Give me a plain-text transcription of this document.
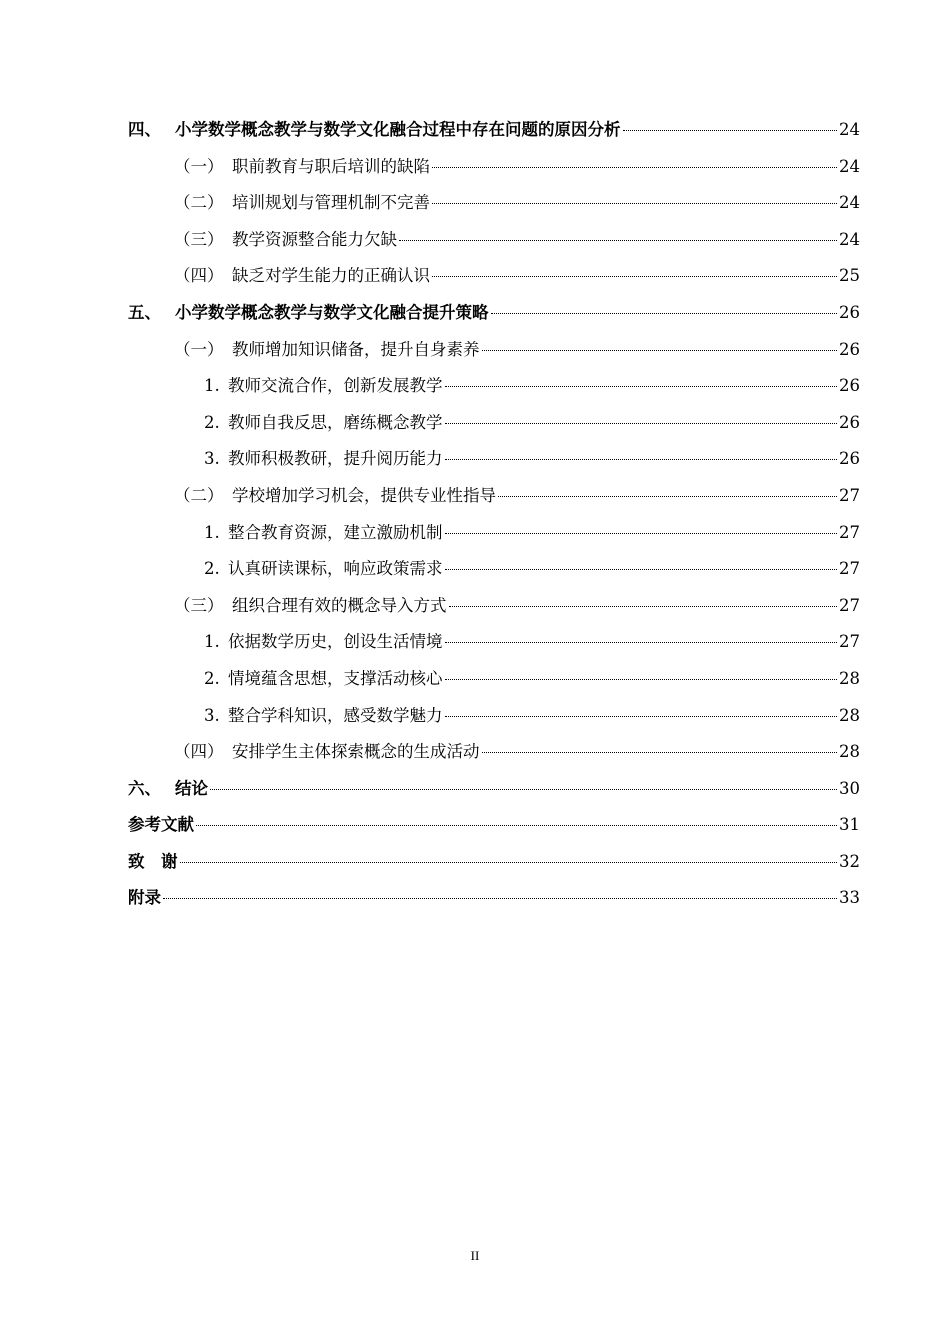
四、 小学数学概念教学与数学文化融合过程中存在问题的原因分析	24
（一） 职前教育与职后培训的缺陷	24
（二） 培训规划与管理机制不完善	24
（三） 教学资源整合能力欠缺	24
（四） 缺乏对学生能力的正确认识	25
五、 小学数学概念教学与数学文化融合提升策略	26
（一） 教师增加知识储备，提升自身素养	26
1. 教师交流合作，创新发展教学	26
2. 教师自我反思，磨练概念教学	26
3. 教师积极教研，提升阅历能力	26
（二） 学校增加学习机会，提供专业性指导	27
1. 整合教育资源，建立激励机制	27
2. 认真研读课标，响应政策需求	27
（三） 组织合理有效的概念导入方式	27
1. 依据数学历史，创设生活情境	27
2. 情境蕴含思想，支撑活动核心	28
3. 整合学科知识，感受数学魅力	28
（四） 安排学生主体探索概念的生成活动	28
六、 结论	30
参考文献	31
致　谢	32
附录	33
II
